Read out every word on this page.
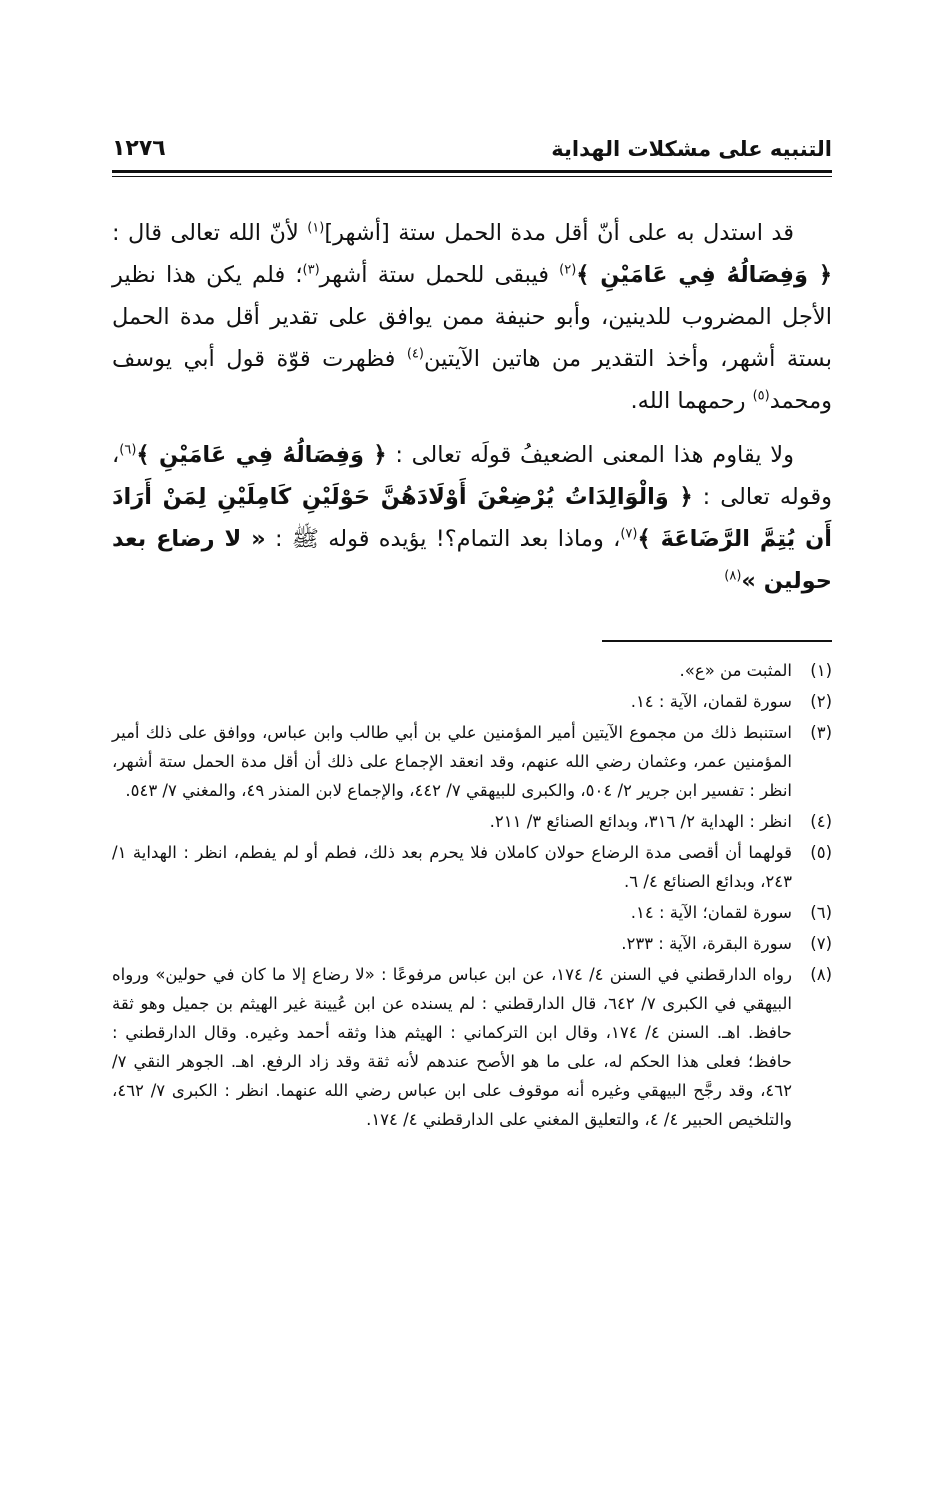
التنبيه على مشكلات الهداية
١٢٧٦

قد استدل به على أنّ أقل مدة الحمل ستة [أشهر]$^{(١)}$ لأنّ الله تعالى قال : ﴿ وَفِصَالُهُ فِي عَامَيْنِ ﴾$^{(٢)}$ فيبقى للحمل ستة أشهر$^{(٣)}$؛ فلم يكن هذا نظير الأجل المضروب للدينين، وأبو حنيفة ممن يوافق على تقدير أقل مدة الحمل بستة أشهر، وأخذ التقدير من هاتين الآيتين$^{(٤)}$ فظهرت قوّة قول أبي يوسف ومحمد$^{(٥)}$ رحمهما الله.

ولا يقاوم هذا المعنى الضعيفُ قولَه تعالى : ﴿ وَفِصَالُهُ فِي عَامَيْنِ ﴾$^{(٦)}$، وقوله تعالى : ﴿ وَالْوَالِدَاتُ يُرْضِعْنَ أَوْلَادَهُنَّ حَوْلَيْنِ كَامِلَيْنِ لِمَنْ أَرَادَ أَن يُتِمَّ الرَّضَاعَةَ ﴾$^{(٧)}$، وماذا بعد التمام؟! يؤيده قوله ﷺ : « لا رضاع بعد حولين »$^{(٨)}$

(١)
المثبت من «ع».
(٢)
سورة لقمان، الآية : ١٤.
(٣)
استنبط ذلك من مجموع الآيتين أمير المؤمنين علي بن أبي طالب وابن عباس، ووافق على ذلك أمير المؤمنين عمر، وعثمان رضي الله عنهم، وقد انعقد الإجماع على ذلك أن أقل مدة الحمل ستة أشهر، انظر : تفسير ابن جرير ٢/ ٥٠٤، والكبرى للبيهقي ٧/ ٤٤٢، والإجماع لابن المنذر ٤٩، والمغني ٧/ ٥٤٣.
(٤)
انظر : الهداية ٢/ ٣١٦، وبدائع الصنائع ٣/ ٢١١.
(٥)
قولهما أن أقصى مدة الرضاع حولان كاملان فلا يحرم بعد ذلك، فطم أو لم يفطم، انظر : الهداية ١/ ٢٤٣، وبدائع الصنائع ٤/ ٦.
(٦)
سورة لقمان؛ الآية : ١٤.
(٧)
سورة البقرة، الآية : ٢٣٣.
(٨)
رواه الدارقطني في السنن ٤/ ١٧٤، عن ابن عباس مرفوعًا : «لا رضاع إلا ما كان في حولين» ورواه البيهقي في الكبرى ٧/ ٦٤٢، قال الدارقطني : لم يسنده عن ابن عُيينة غير الهيثم بن جميل وهو ثقة حافظ. اهـ. السنن ٤/ ١٧٤، وقال ابن التركماني : الهيثم هذا وثقه أحمد وغيره. وقال الدارقطني : حافظ؛ فعلى هذا الحكم له، على ما هو الأصح عندهم لأنه ثقة وقد زاد الرفع. اهـ. الجوهر النقي ٧/ ٤٦٢، وقد رجَّح البيهقي وغيره أنه موقوف على ابن عباس رضي الله عنهما. انظر : الكبرى ٧/ ٤٦٢، والتلخيص الحبير ٤/ ٤، والتعليق المغني على الدارقطني ٤/ ١٧٤.
